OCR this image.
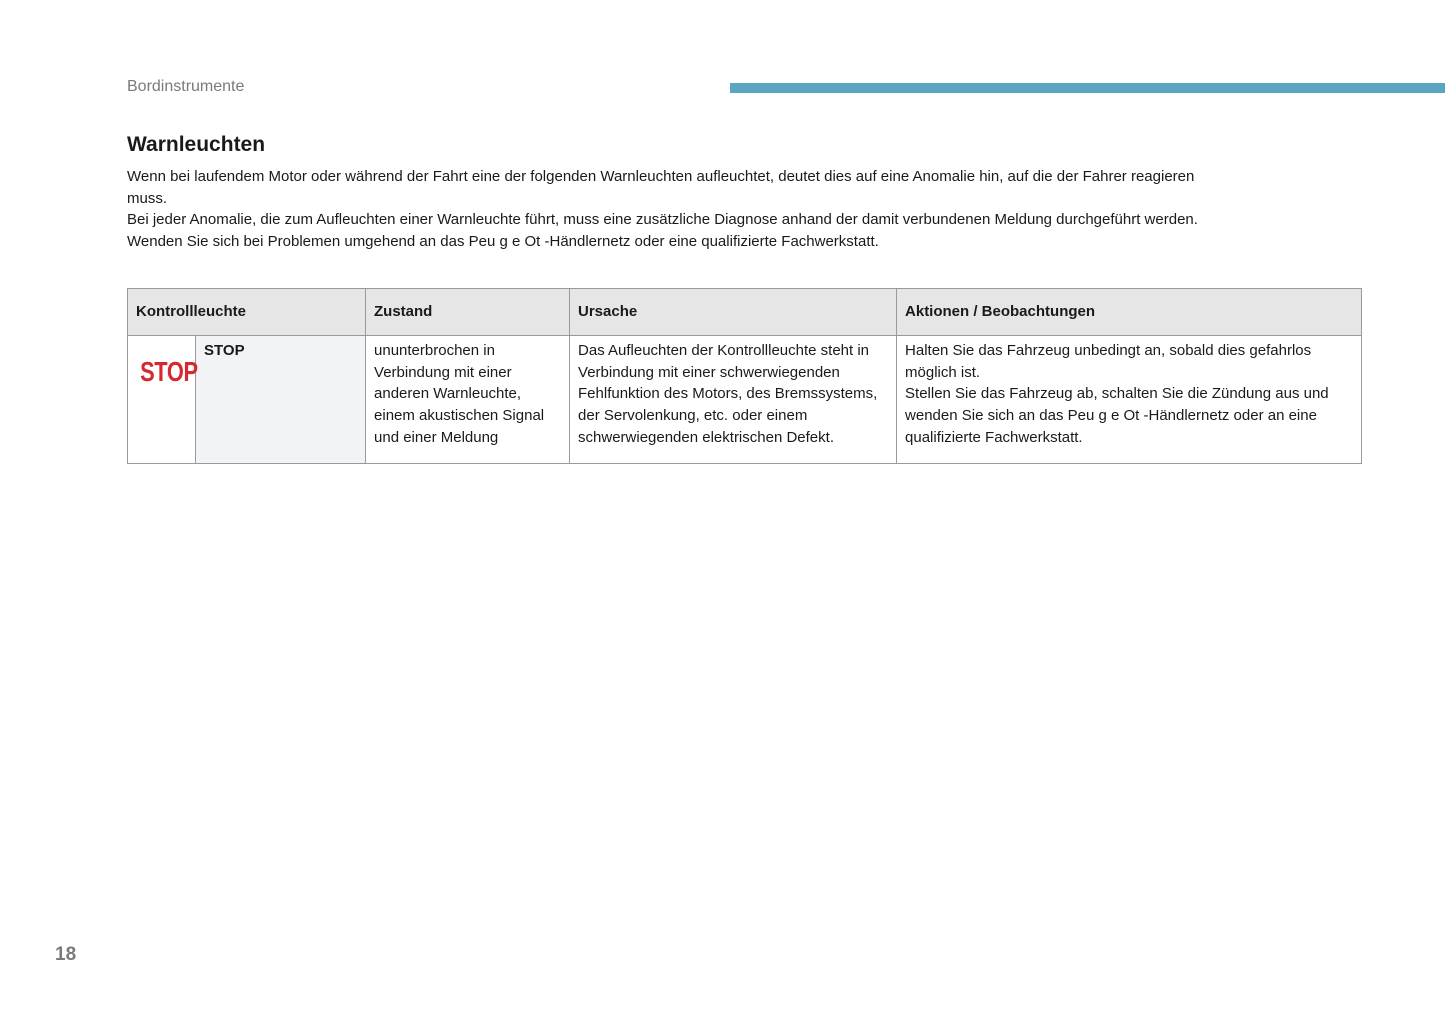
Bordinstrumente
Warnleuchten

Wenn bei laufendem Motor oder während der Fahrt eine der folgenden Warnleuchten aufleuchtet, deutet dies auf eine Anomalie hin, auf die der Fahrer reagieren muss.

Bei jeder Anomalie, die zum Aufleuchten einer Warnleuchte führt, muss eine zusätzliche Diagnose anhand der damit verbundenen Meldung durchgeführt werden.

Wenden Sie sich bei Problemen umgehend an das Peu g e Ot -Händlernetz oder eine qualifizierte Fachwerkstatt.

Kontrollleuchte		Zustand	Ursache	Aktionen / Beobachtungen
STOP	STOP	ununterbrochen in Verbindung mit einer anderen Warnleuchte, einem akustischen Signal und einer Meldung	Das Aufleuchten der Kontrollleuchte steht in Verbindung mit einer schwerwiegenden Fehlfunktion des Motors, des Bremssystems, der Servolenkung, etc. oder einem schwerwiegenden elektrischen Defekt.	Halten Sie das Fahrzeug unbedingt an, sobald dies gefahrlos möglich ist.
Stellen Sie das Fahrzeug ab, schalten Sie die Zündung aus und wenden Sie sich an das Peu g e Ot -Händlernetz oder an eine qualifizierte Fachwerkstatt.
18
